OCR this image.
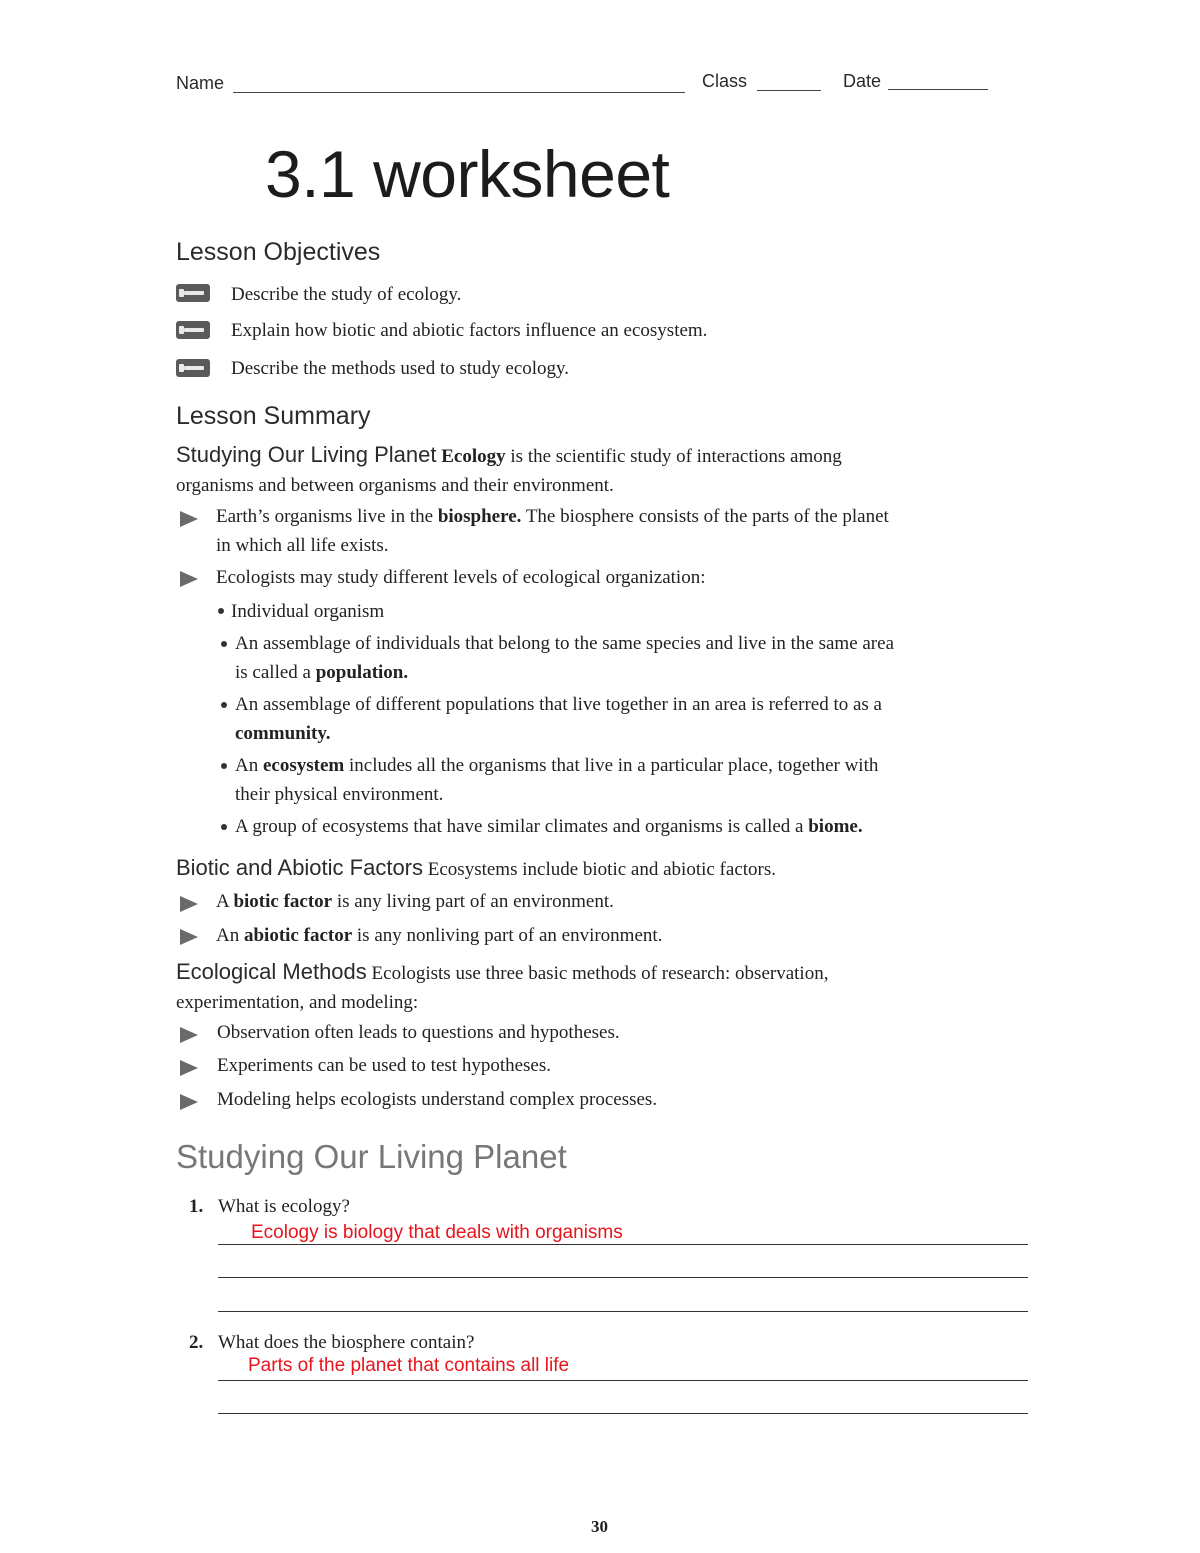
Name	Class	Date
3.1 worksheet
Lesson Objectives
Describe the study of ecology.
Explain how biotic and abiotic factors influence an ecosystem.
Describe the methods used to study ecology.
Lesson Summary
Studying Our Living Planet Ecology is the scientific study of interactions among
organisms and between organisms and their environment.
Earth’s organisms live in the biosphere. The biosphere consists of the parts of the planet
in which all life exists.
Ecologists may study different levels of ecological organization:
Individual organism
An assemblage of individuals that belong to the same species and live in the same area
is called a population.
An assemblage of different populations that live together in an area is referred to as a
community.
An ecosystem includes all the organisms that live in a particular place, together with
their physical environment.
A group of ecosystems that have similar climates and organisms is called a biome.
Biotic and Abiotic Factors Ecosystems include biotic and abiotic factors.
A biotic factor is any living part of an environment.
An abiotic factor is any nonliving part of an environment.
Ecological Methods Ecologists use three basic methods of research: observation,
experimentation, and modeling:
Observation often leads to questions and hypotheses.
Experiments can be used to test hypotheses.
Modeling helps ecologists understand complex processes.
Studying Our Living Planet
1. What is ecology?
Ecology is biology that deals with organisms
2. What does the biosphere contain?
Parts of the planet that contains all life
30
